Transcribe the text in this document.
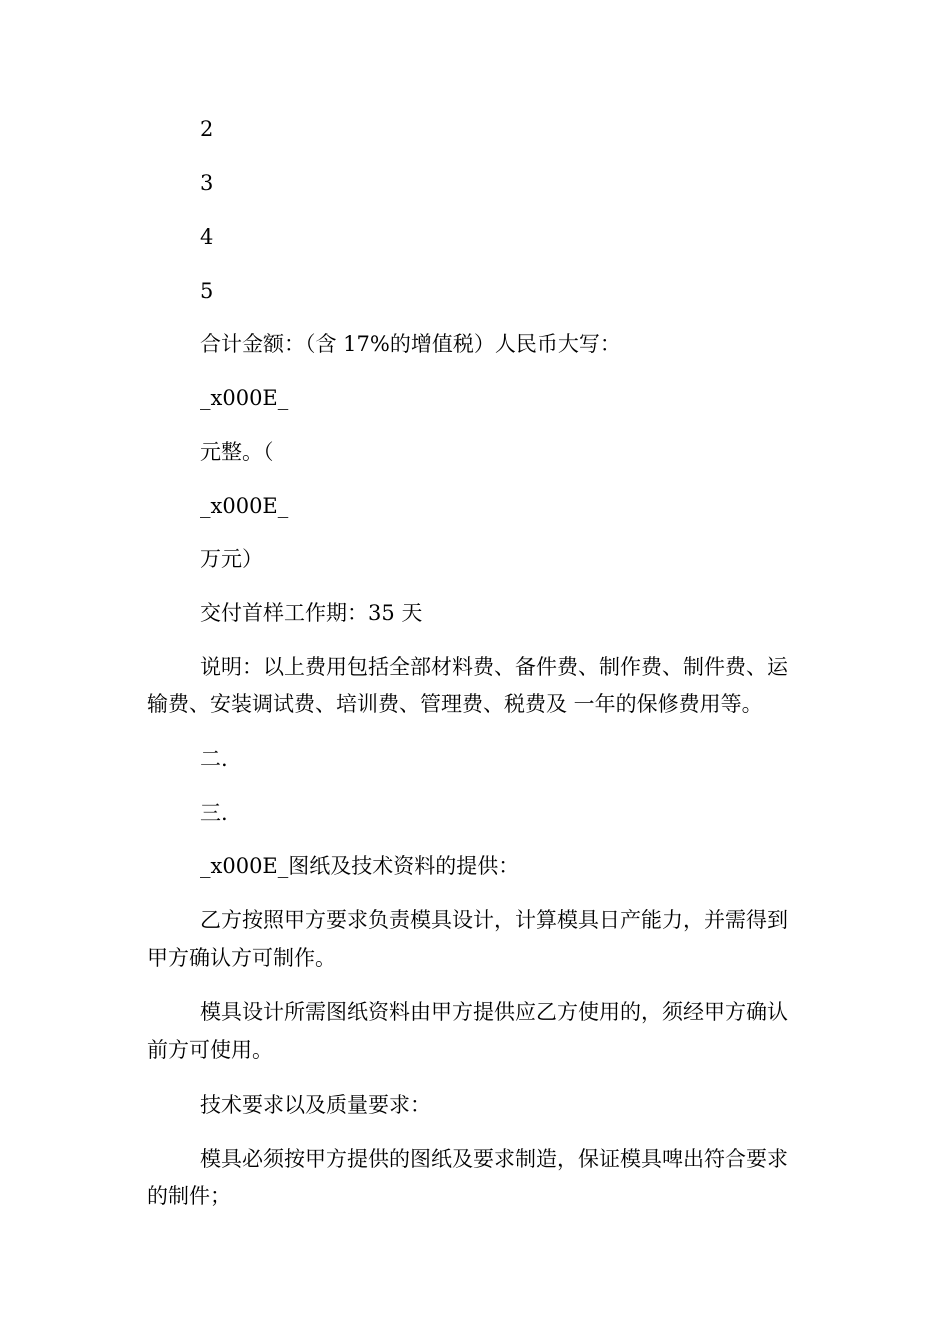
2
3
4
5
合计金额：（含 17%的增值税）人民币大写：
_x000E_
元整。（
_x000E_
万元）
交付首样工作期：35 天
说明：以上费用包括全部材料费、备件费、制作费、制件费、运
输费、安装调试费、培训费、管理费、税费及 一年的保修费用等。
二.
三.
_x000E_图纸及技术资料的提供：
乙方按照甲方要求负责模具设计，计算模具日产能力，并需得到
甲方确认方可制作。
模具设计所需图纸资料由甲方提供应乙方使用的，须经甲方确认
前方可使用。
技术要求以及质量要求：
模具必须按甲方提供的图纸及要求制造，保证模具啤出符合要求
的制件；
